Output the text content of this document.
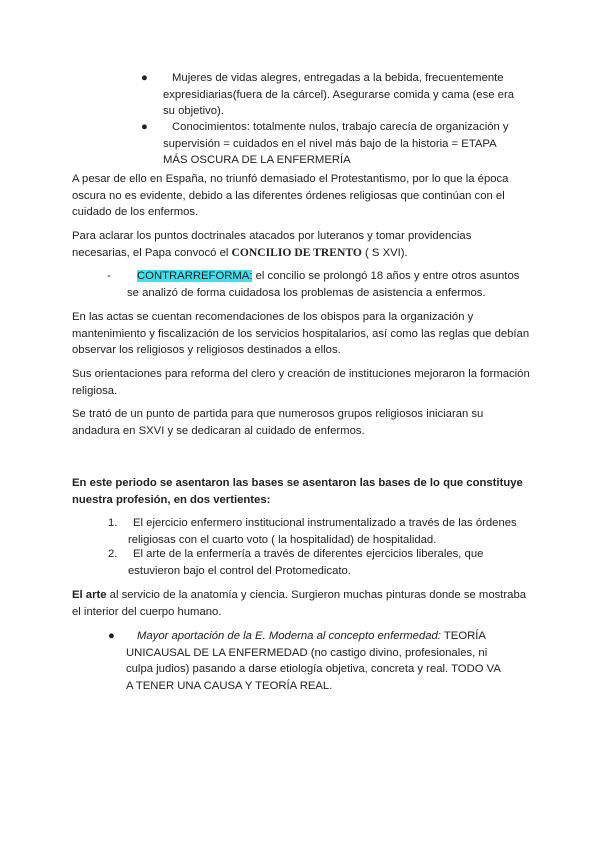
●	Mujeres de vidas alegres, entregadas a la bebida, frecuentemente expresidiarias(fuera de la cárcel). Asegurarse comida y cama (ese era su objetivo).
●	Conocimientos: totalmente nulos, trabajo carecía de organización y supervisión = cuidados en el nivel más bajo de la historia = ETAPA MÁS OSCURA DE LA ENFERMERÍA
A pesar de ello en España, no triunfó demasiado el Protestantismo, por lo que la época oscura no es evidente, debido a las diferentes órdenes religiosas que continúan con el cuidado de los enfermos.
Para aclarar los puntos doctrinales atacados por luteranos y tomar providencias necesarias, el Papa convocó el CONCILIO DE TRENTO ( S XVI).
-	CONTRARREFORMA: el concilio se prolongó 18 años y entre otros asuntos se analizó de forma cuidadosa los problemas de asistencia a enfermos.
En las actas se cuentan recomendaciones de los obispos para la organización y mantenimiento y fiscalización de los servicios hospitalarios, así como las reglas que debían observar los religiosos y religiosos destinados a ellos.
Sus orientaciones para reforma del clero y creación de instituciones mejoraron la formación religiosa.
Se trató de un punto de partida para que numerosos grupos religiosos iniciaran su andadura en SXVI y se dedicaran al cuidado de enfermos.
En este periodo se asentaron las bases se asentaron las bases de lo que constituye nuestra profesión, en dos vertientes:
1.	El ejercicio enfermero institucional instrumentalizado a través de las órdenes religiosas con el cuarto voto ( la hospitalidad) de hospitalidad.
2.	El arte de la enfermería a través de diferentes ejercicios liberales, que estuvieron bajo el control del Protomedicato.
El arte al servicio de la anatomía y ciencia. Surgieron muchas pinturas donde se mostraba el interior del cuerpo humano.
●	Mayor aportación de la E. Moderna al concepto enfermedad: TEORÍA UNICAUSAL DE LA ENFERMEDAD (no castigo divino, profesionales, ni culpa judios) pasando a darse etiología objetiva, concreta y real. TODO VA A TENER UNA CAUSA Y TEORÍA REAL.
